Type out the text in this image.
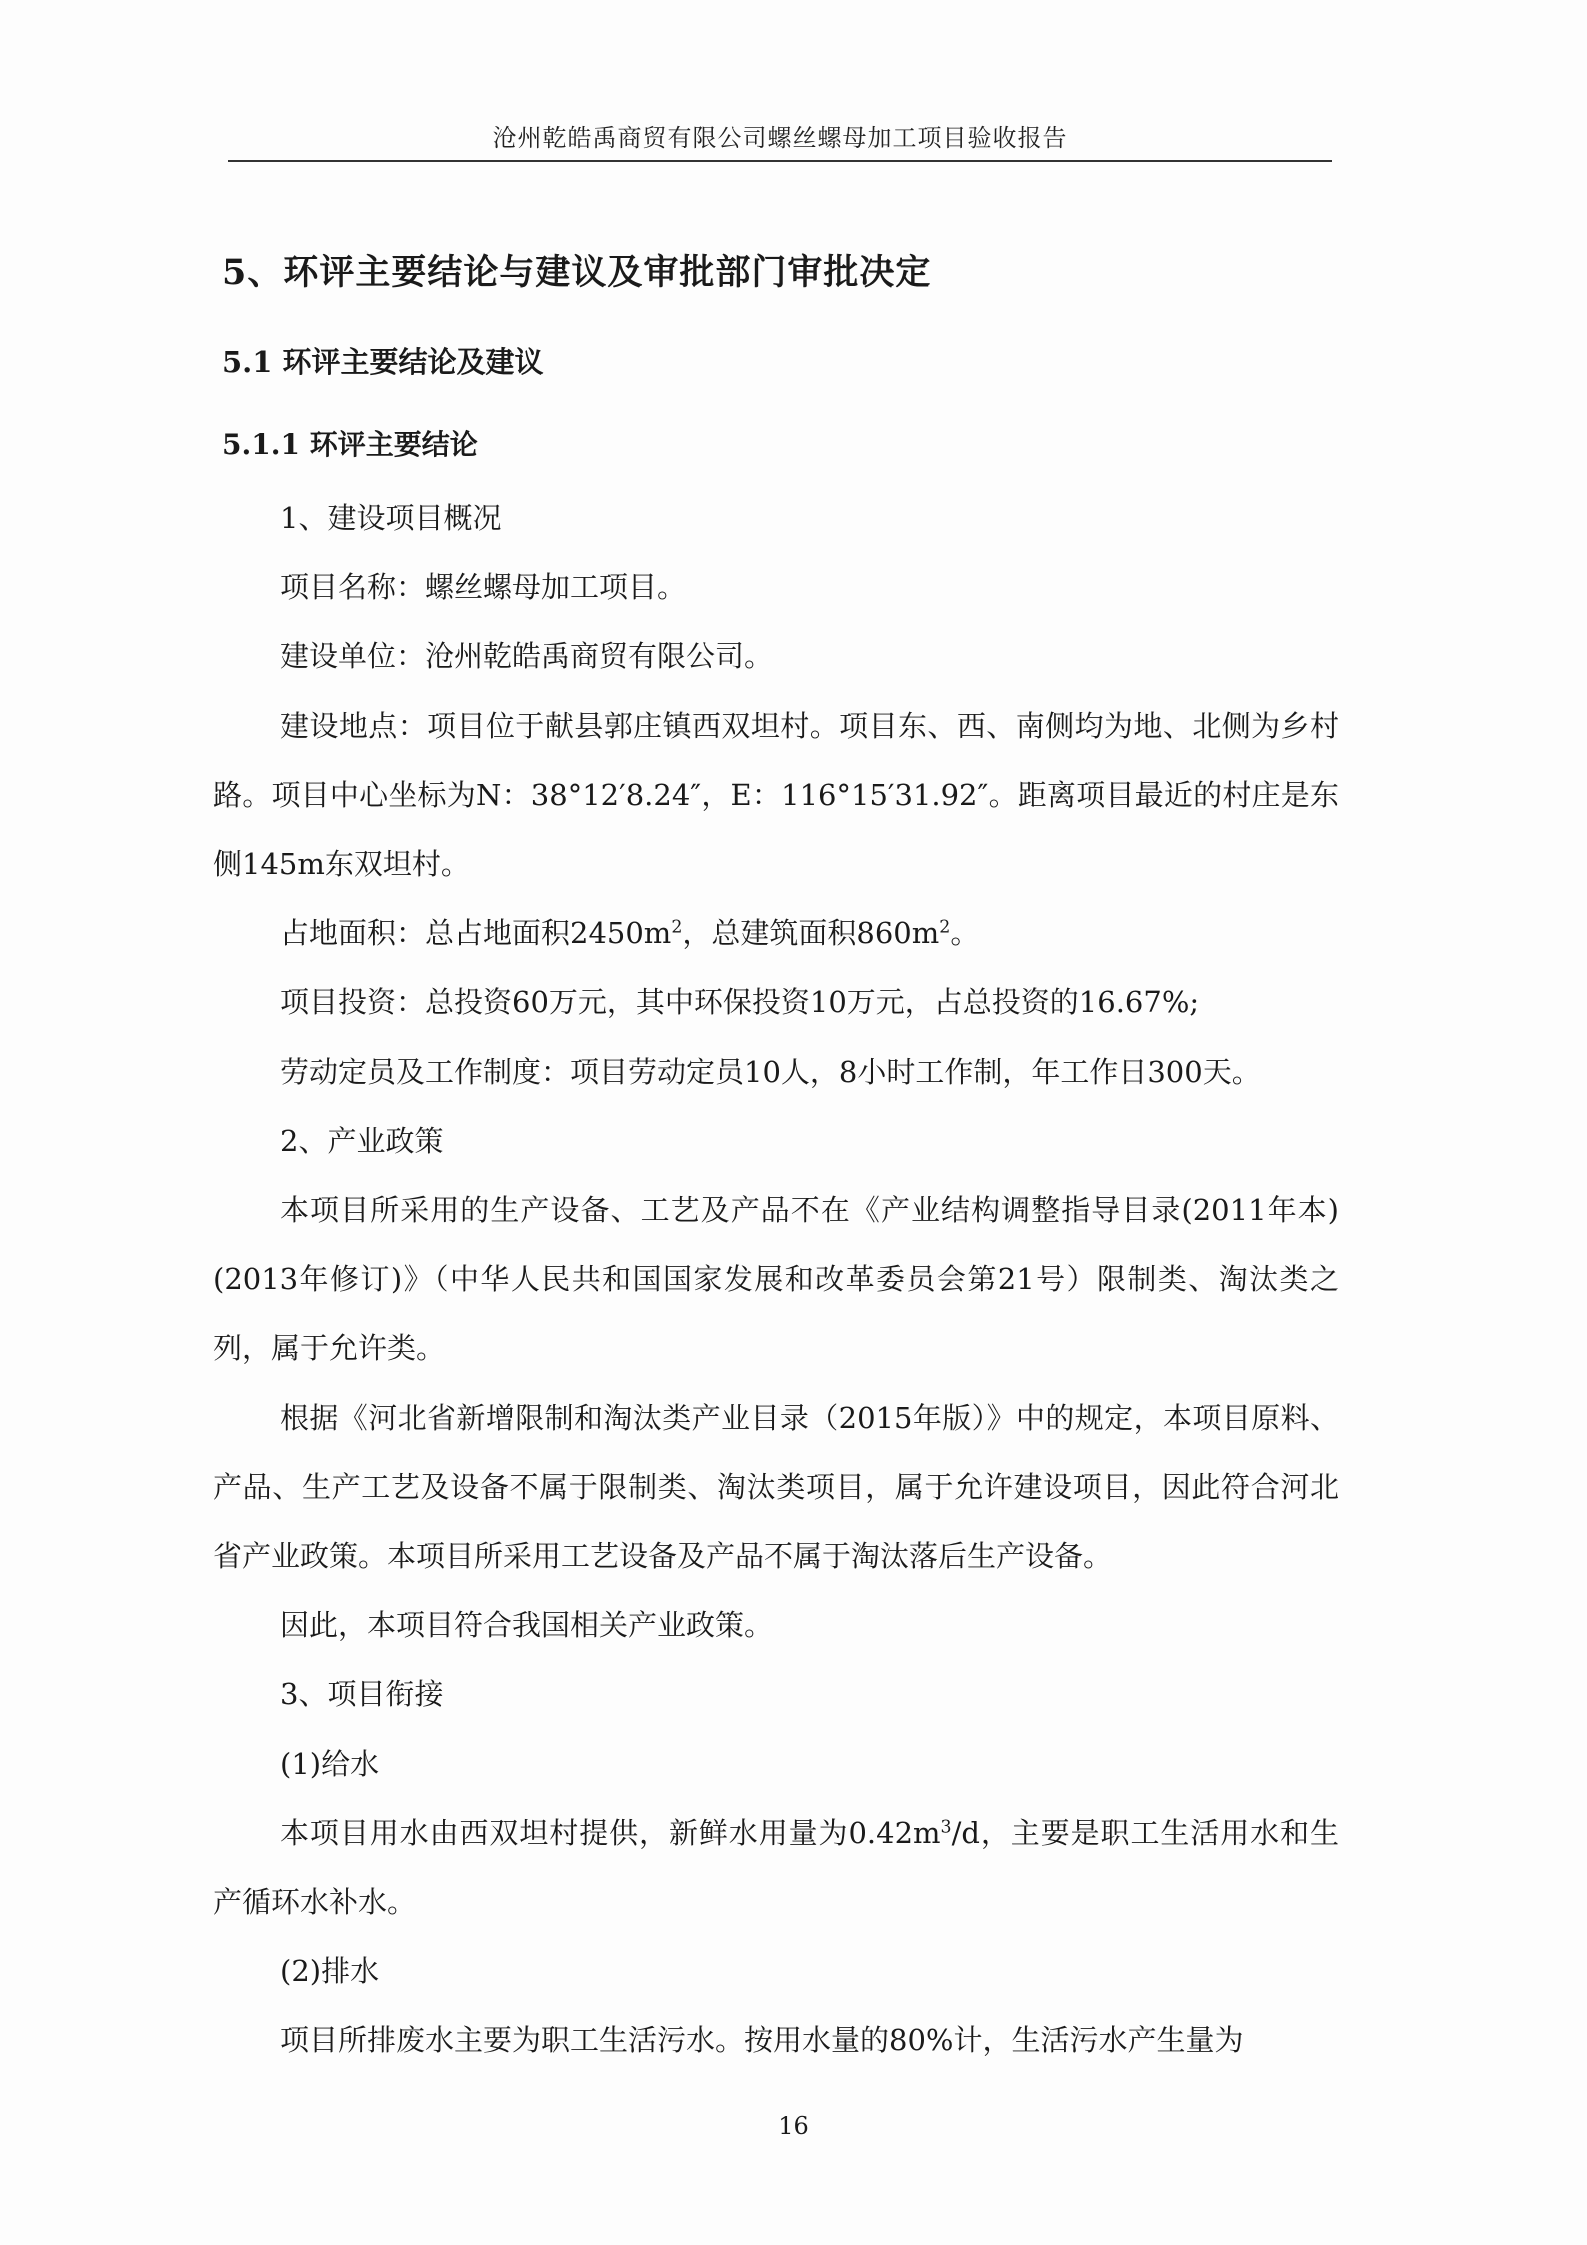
沧州乾皓禹商贸有限公司螺丝螺母加工项目验收报告
5、环评主要结论与建议及审批部门审批决定
5.1 环评主要结论及建议
5.1.1 环评主要结论

1、建设项目概况

项目名称：螺丝螺母加工项目。

建设单位：沧州乾皓禹商贸有限公司。

建设地点：项目位于献县郭庄镇西双坦村。项目东、西、南侧均为地、北侧为乡村路。项目中心坐标为N：38°12′8.24″，E：116°15′31.92″。距离项目最近的村庄是东侧145m东双坦村。

占地面积：总占地面积$2450m^2$，总建筑面积$860m^2$。

项目投资：总投资60万元，其中环保投资10万元，占总投资的16.67%;

劳动定员及工作制度：项目劳动定员10人，8小时工作制，年工作日300天。

2、产业政策

本项目所采用的生产设备、工艺及产品不在《产业结构调整指导目录(2011年本)(2013年修订)》（中华人民共和国国家发展和改革委员会第21号）限制类、淘汰类之列，属于允许类。

根据《河北省新增限制和淘汰类产业目录（2015年版）》中的规定，本项目原料、产品、生产工艺及设备不属于限制类、淘汰类项目，属于允许建设项目，因此符合河北省产业政策。本项目所采用工艺设备及产品不属于淘汰落后生产设备。

因此，本项目符合我国相关产业政策。

3、项目衔接

(1)给水

本项目用水由西双坦村提供，新鲜水用量为$0.42m^3/d$，主要是职工生活用水和生产循环水补水。

(2)排水

项目所排废水主要为职工生活污水。按用水量的80%计，生活污水产生量为

16
